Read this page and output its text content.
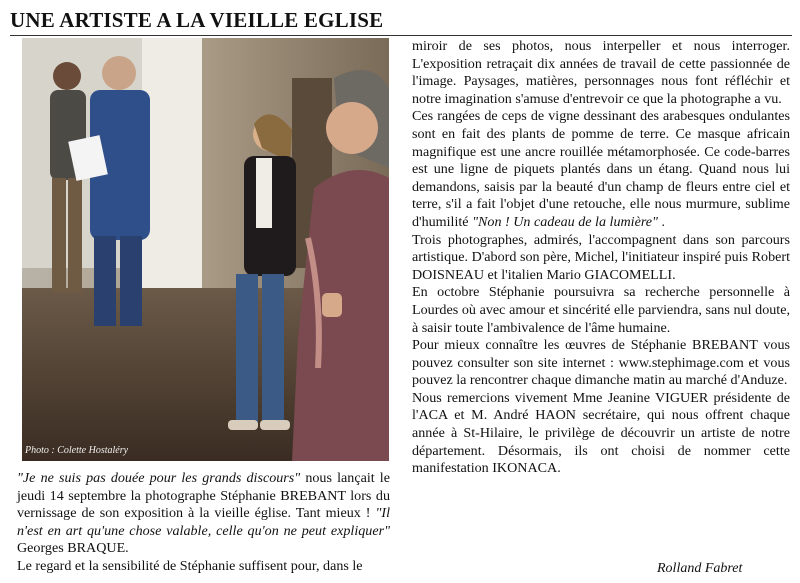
UNE ARTISTE A LA VIEILLE EGLISE
Photo : Colette Hostaléry

"Je ne suis pas douée pour les grands discours" nous lançait le jeudi 14 septembre la photographe Stéphanie BREBANT lors du vernissage de son exposition à la vieille église. Tant mieux ! "Il n'est en art qu'une chose valable, celle qu'on ne peut expliquer" Georges BRAQUE.

Le regard et la sensibilité de Stéphanie suffisent pour, dans le

miroir de ses photos, nous interpeller et nous interroger. L'exposition retraçait dix années de travail de cette passionnée de l'image. Paysages, matières, personnages nous font réfléchir et notre imagination s'amuse d'entrevoir ce que la photographe a vu.

Ces rangées de ceps de vigne dessinant des arabesques ondulantes sont en fait des plants de pomme de terre. Ce masque africain magnifique est une ancre rouillée métamorphosée. Ce code-barres est une ligne de piquets plantés dans un étang. Quand nous lui demandons, saisis par la beauté d'un champ de fleurs entre ciel et terre, s'il a fait l'objet d'une retouche, elle nous murmure, sublime d'humilité "Non ! Un cadeau de la lumière" .

Trois photographes, admirés, l'accompagnent dans son parcours artistique. D'abord son père, Michel, l'initiateur inspiré puis Robert DOISNEAU et l'italien Mario GIACOMELLI.

En octobre Stéphanie poursuivra sa recherche personnelle à Lourdes où avec amour et sincérité elle parviendra, sans nul doute, à saisir toute l'ambivalence de l'âme humaine.

Pour mieux connaître les œuvres de Stéphanie BREBANT vous pouvez consulter son site internet : www.stephimage.com et vous pouvez la rencontrer chaque dimanche matin au marché d'Anduze.

Nous remercions vivement Mme Jeanine VIGUER présidente de l'ACA et M. André HAON secrétaire, qui nous offrent chaque année à St-Hilaire, le privilège de découvrir un artiste de notre département. Désormais, ils ont choisi de nommer cette manifestation IKONACA.

Rolland Fabret
